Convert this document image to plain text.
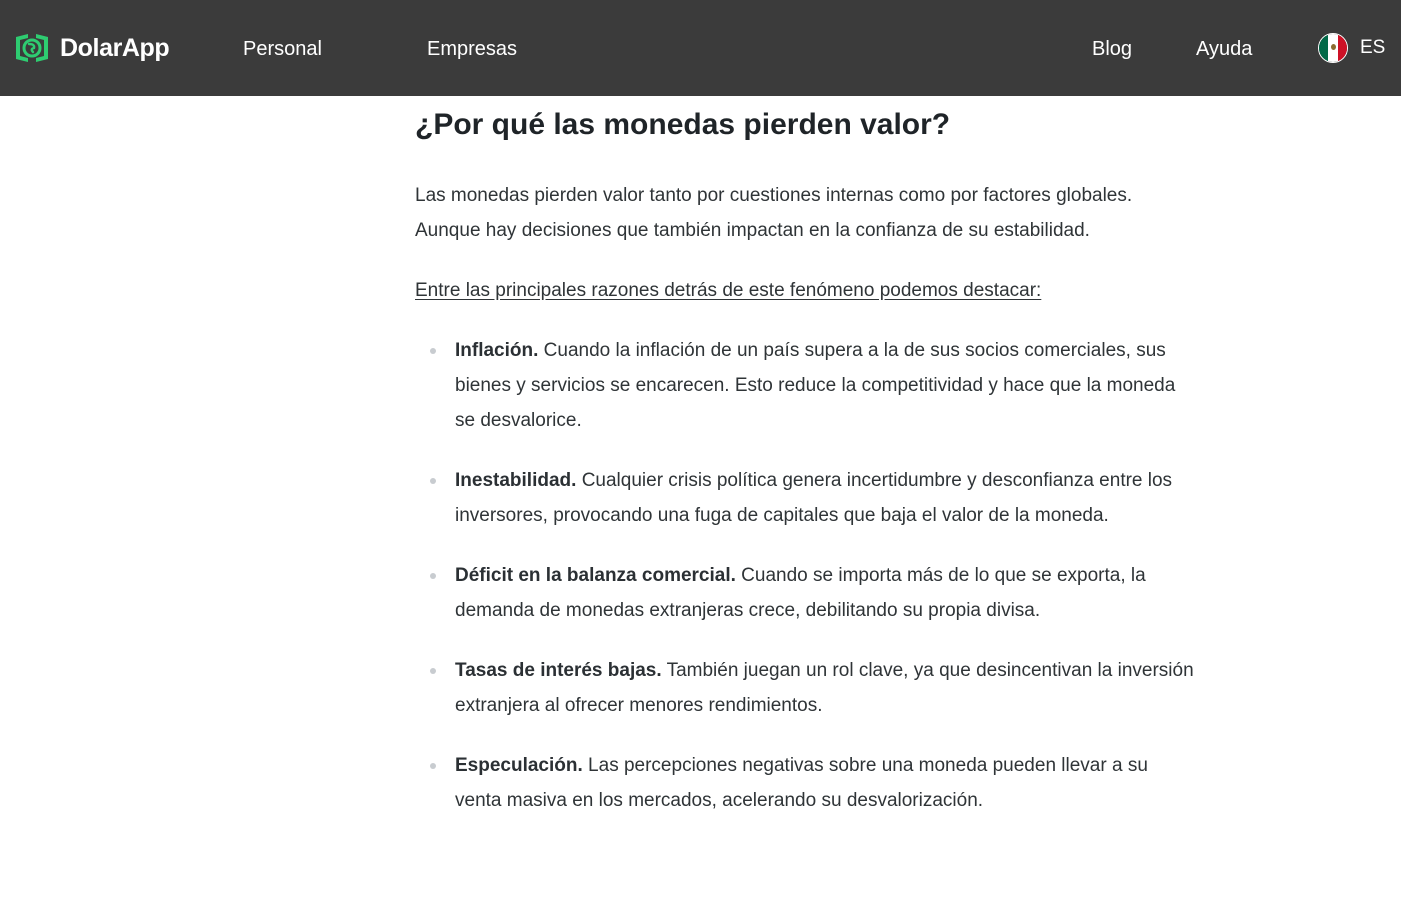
DolarApp	Personal	Empresas	Blog	Ayuda	ES
¿Por qué las monedas pierden valor?

Las monedas pierden valor tanto por cuestiones internas como por factores globales. Aunque hay decisiones que también impactan en la confianza de su estabilidad.

Entre las principales razones detrás de este fenómeno podemos destacar:

Inflación. Cuando la inflación de un país supera a la de sus socios comerciales, sus bienes y servicios se encarecen. Esto reduce la competitividad y hace que la moneda se desvalorice.
Inestabilidad. Cualquier crisis política genera incertidumbre y desconfianza entre los inversores, provocando una fuga de capitales que baja el valor de la moneda.
Déficit en la balanza comercial. Cuando se importa más de lo que se exporta, la demanda de monedas extranjeras crece, debilitando su propia divisa.
Tasas de interés bajas. También juegan un rol clave, ya que desincentivan la inversión extranjera al ofrecer menores rendimientos.
Especulación. Las percepciones negativas sobre una moneda pueden llevar a su venta masiva en los mercados, acelerando su desvalorización.
